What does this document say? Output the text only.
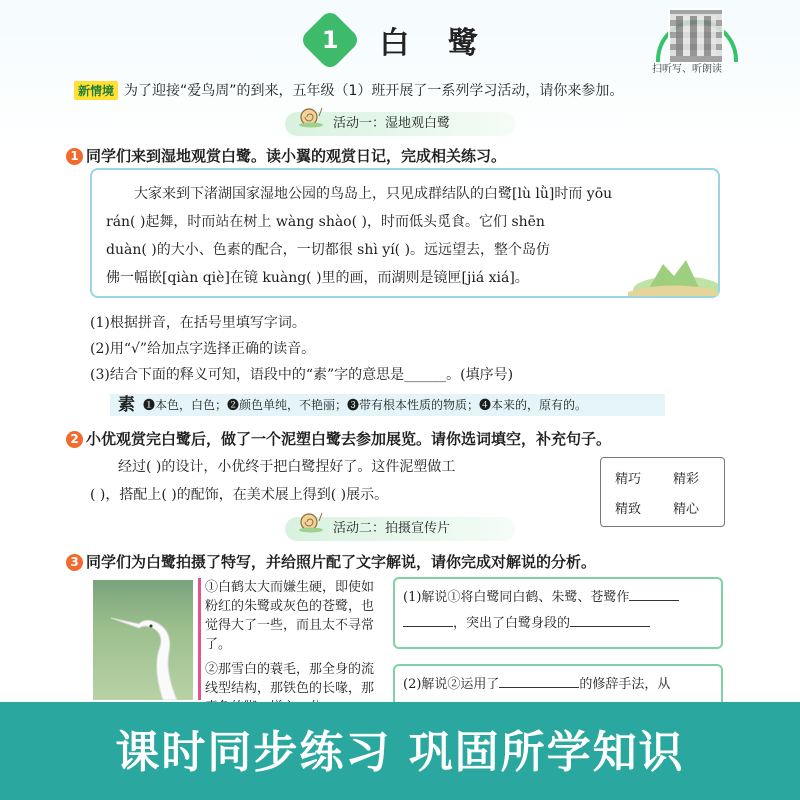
1 白 鹭
扫听写、听朗读
新情境 为了迎接“爱鸟周”的到来，五年级（1）班开展了一系列学习活动，请你来参加。
活动一：湿地观白鹭
1 同学们来到湿地观赏白鹭。读小翼的观赏日记，完成相关练习。

大家来到下渚湖国家湿地公园的鸟岛上，只见成群结队的白鹭[lù lǜ]时而 yōu

rán( )起舞，时而站在树上 wàng shào( )，时而低头觅食。它们 shēn
duàn( )的大小、色素的配合，一切都很 shì yí( )。远远望去，整个岛仿
佛一幅嵌[qiàn qiè]在镜 kuàng( )里的画，而湖则是镜匣[jiá xiá]。
(1)根据拼音，在括号里填写字词。
(2)用“√”给加点字选择正确的读音。
(3)结合下面的释义可知，语段中的“素”字的意思是______。(填序号)
素 ❶本色，白色；❷颜色单纯，不艳丽；❸带有根本性质的物质；❹本来的，原有的。
2 小优观赏完白鹭后，做了一个泥塑白鹭去参加展览。请你选词填空，补充句子。
经过( )的设计，小优终于把白鹭捏好了。这件泥塑做工
( )，搭配上( )的配饰，在美术展上得到( )展示。
精巧 精彩
精致 精心
活动二：拍摄宣传片
3 同学们为白鹭拍摄了特写，并给照片配了文字解说，请你完成对解说的分析。
①白鹤太大而嫌生硬，即使如粉红的朱鹭或灰色的苍鹭，也觉得大了一些，而且太不寻常了。
②那雪白的蓑毛，那全身的流线型结构，那铁色的长喙，那
(1)解说①将白鹭同白鹤、朱鹭、苍鹭作
，突出了白鹭身段的
(2)解说②运用了	的修辞手法，从

课时同步练习 巩固所学知识
